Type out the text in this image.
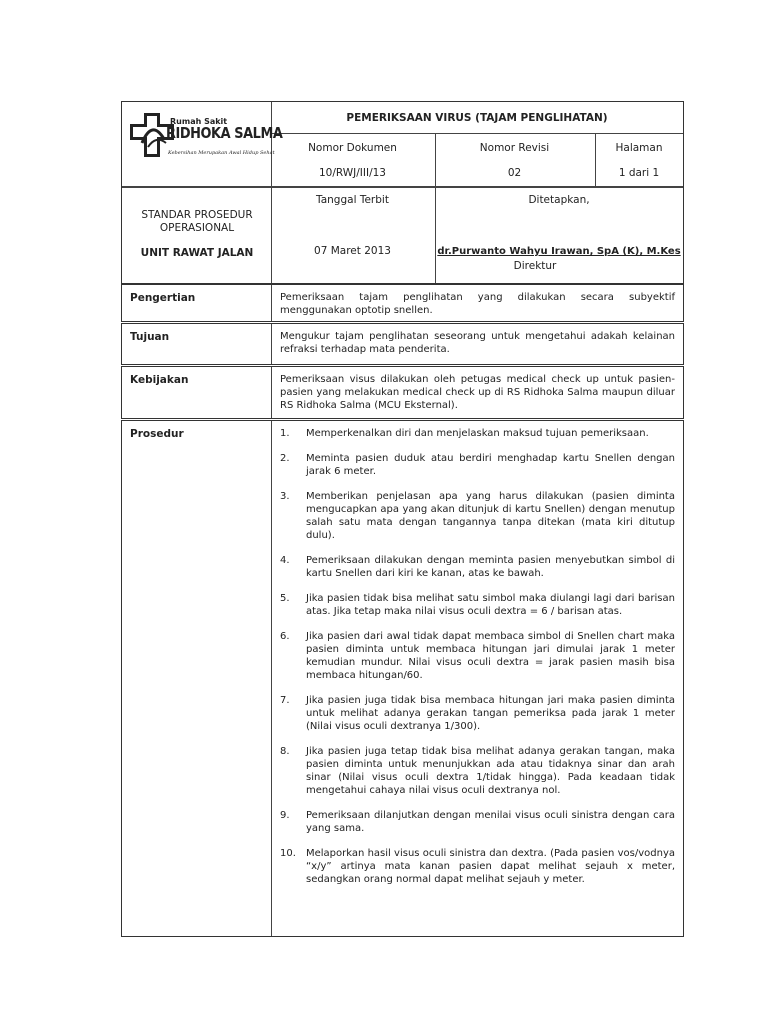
Rumah Sakit
RIDHOKA SALMA
Kebersihan Merupakan Awal Hidup Sehat
PEMERIKSAAN VIRUS (TAJAM PENGLIHATAN)
Nomor Dokumen
10/RWJ/III/13
Nomor Revisi
02
Halaman
1 dari 1
STANDAR PROSEDUR OPERASIONAL
UNIT RAWAT JALAN
Tanggal Terbit
07 Maret 2013
Ditetapkan,
dr.Purwanto Wahyu Irawan, SpA (K), M.Kes
Direktur
Pengertian	Pemeriksaan tajam penglihatan yang dilakukan secara subyektif menggunakan optotip snellen.
Tujuan	Mengukur tajam penglihatan seseorang untuk mengetahui adakah kelainan refraksi terhadap mata penderita.
Kebijakan	Pemeriksaan visus dilakukan oleh petugas medical check up untuk pasien-pasien yang melakukan medical check up di RS Ridhoka Salma maupun diluar RS Ridhoka Salma (MCU Eksternal).
Prosedur	1. Memperkenalkan diri dan menjelaskan maksud tujuan pemeriksaan.
2. Meminta pasien duduk atau berdiri menghadap kartu Snellen dengan jarak 6 meter.
3. Memberikan penjelasan apa yang harus dilakukan (pasien diminta mengucapkan apa yang akan ditunjuk di kartu Snellen) dengan menutup salah satu mata dengan tangannya tanpa ditekan (mata kiri ditutup dulu).
4. Pemeriksaan dilakukan dengan meminta pasien menyebutkan simbol di kartu Snellen dari kiri ke kanan, atas ke bawah.
5. Jika pasien tidak bisa melihat satu simbol maka diulangi lagi dari barisan atas. Jika tetap maka nilai visus oculi dextra = 6 / barisan atas.
6. Jika pasien dari awal tidak dapat membaca simbol di Snellen chart maka pasien diminta untuk membaca hitungan jari dimulai jarak 1 meter kemudian mundur. Nilai visus oculi dextra = jarak pasien masih bisa membaca hitungan/60.
7. Jika pasien juga tidak bisa membaca hitungan jari maka pasien diminta untuk melihat adanya gerakan tangan pemeriksa pada jarak 1 meter (Nilai visus oculi dextranya 1/300).
8. Jika pasien juga tetap tidak bisa melihat adanya gerakan tangan, maka pasien diminta untuk menunjukkan ada atau tidaknya sinar dan arah sinar (Nilai visus oculi dextra 1/tidak hingga). Pada keadaan tidak mengetahui cahaya nilai visus oculi dextranya nol.
9. Pemeriksaan dilanjutkan dengan menilai visus oculi sinistra dengan cara yang sama.
10. Melaporkan hasil visus oculi sinistra dan dextra. (Pada pasien vos/vodnya “x/y” artinya mata kanan pasien dapat melihat sejauh x meter, sedangkan orang normal dapat melihat sejauh y meter.
